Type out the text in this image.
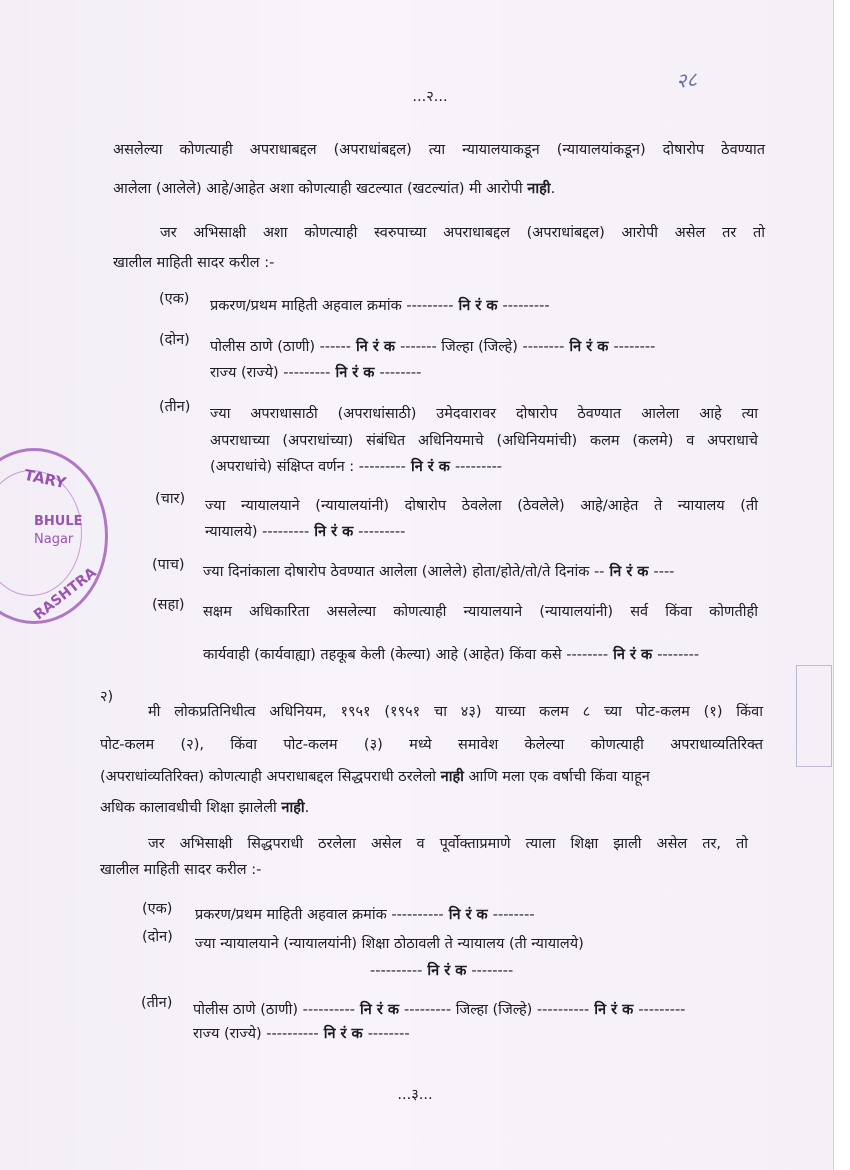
२८
...२...
असलेल्या कोणत्याही अपराधाबद्दल (अपराधांबद्दल) त्या न्यायालयाकडून (न्यायालयांकडून) दोषारोप ठेवण्यात
आलेला (आलेले) आहे/आहेत अशा कोणत्याही खटल्यात (खटल्यांत) मी आरोपी नाही.
जर अभिसाक्षी अशा कोणत्याही स्वरुपाच्या अपराधाबद्दल (अपराधांबद्दल) आरोपी असेल तर तो
खालील माहिती सादर करील :-
(एक) प्रकरण/प्रथम माहिती अहवाल क्रमांक --------- नि रं क ---------
(दोन) पोलीस ठाणे (ठाणी) ------ नि रं क ------- जिल्हा (जिल्हे) -------- नि रं क --------
राज्य (राज्ये) --------- नि रं क --------
(तीन) ज्या अपराधासाठी (अपराधांसाठी) उमेदवारावर दोषारोप ठेवण्यात आलेला आहे त्या
अपराधाच्या (अपराधांच्या) संबंधित अधिनियमाचे (अधिनियमांची) कलम (कलमे) व अपराधाचे
(अपराधांचे) संक्षिप्त वर्णन : --------- नि रं क ---------
(चार) ज्या न्यायालयाने (न्यायालयांनी) दोषारोप ठेवलेला (ठेवलेले) आहे/आहेत ते न्यायालय (ती
न्यायालये) --------- नि रं क ---------
(पाच) ज्या दिनांकाला दोषारोप ठेवण्यात आलेला (आलेले) होता/होते/तो/ते दिनांक -- नि रं क ----
(सहा) सक्षम अधिकारिता असलेल्या कोणत्याही न्यायालयाने (न्यायालयांनी) सर्व किंवा कोणतीही
कार्यवाही (कार्यवाह्या) तहकूब केली (केल्या) आहे (आहेत) किंवा कसे -------- नि रं क --------
२)
मी लोकप्रतिनिधीत्व अधिनियम, १९५१ (१९५१ चा ४३) याच्या कलम ८ च्या पोट-कलम (१) किंवा
पोट-कलम (२), किंवा पोट-कलम (३) मध्ये समावेश केलेल्या कोणत्याही अपराधाव्यतिरिक्त
(अपराधांव्यतिरिक्त) कोणत्याही अपराधाबद्दल सिद्धपराधी ठरलेलो नाही आणि मला एक वर्षाची किंवा याहून
अधिक कालावधीची शिक्षा झालेली नाही.
जर अभिसाक्षी सिद्धपराधी ठरलेला असेल व पूर्वोक्ताप्रमाणे त्याला शिक्षा झाली असेल तर, तो
खालील माहिती सादर करील :-
(एक) प्रकरण/प्रथम माहिती अहवाल क्रमांक ---------- नि रं क --------
(दोन) ज्या न्यायालयाने (न्यायालयांनी) शिक्षा ठोठावली ते न्यायालय (ती न्यायालये)
---------- नि रं क --------
(तीन) पोलीस ठाणे (ठाणी) ---------- नि रं क --------- जिल्हा (जिल्हे) ---------- नि रं क ---------
राज्य (राज्ये) ---------- नि रं क --------
...३...
TARY
BHULE
Nagar
RASHTRA
